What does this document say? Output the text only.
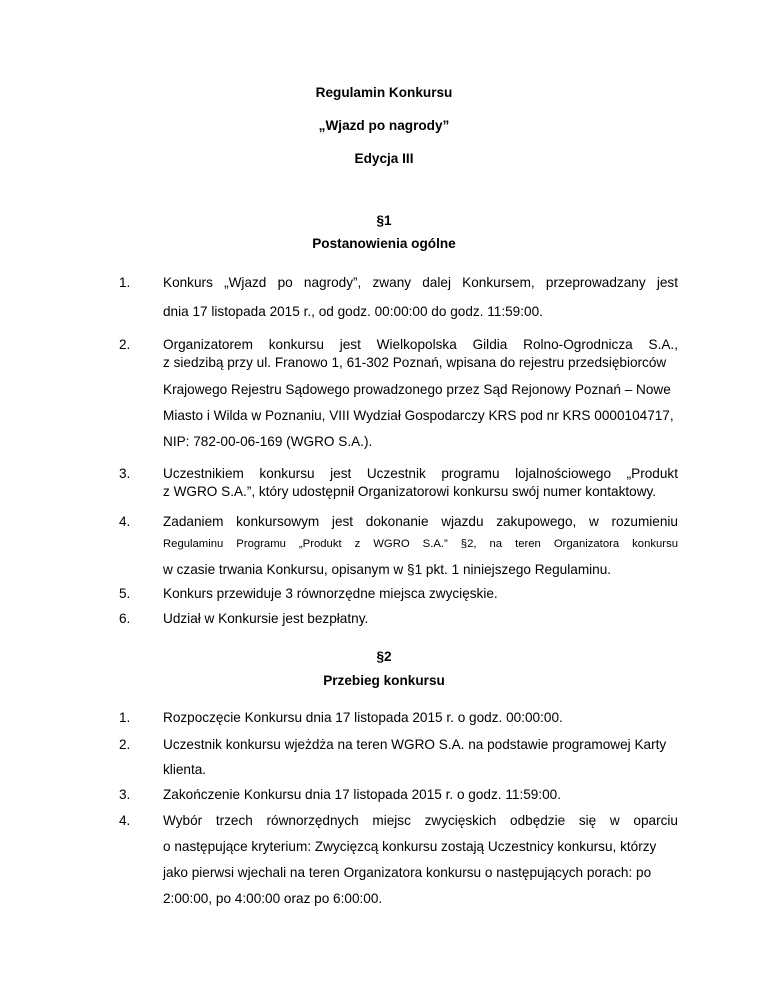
Regulamin Konkursu
„Wjazd po nagrody”
Edycja III
§1
Postanowienia ogólne
1. Konkurs „Wjazd po nagrody”, zwany dalej Konkursem, przeprowadzany jest
dnia 17 listopada 2015 r., od godz. 00:00:00 do godz. 11:59:00.
2. Organizatorem konkursu jest Wielkopolska Gildia Rolno-Ogrodnicza S.A.,
z siedzibą przy ul. Franowo 1, 61-302 Poznań, wpisana do rejestru przedsiębiorców
Krajowego Rejestru Sądowego prowadzonego przez Sąd Rejonowy Poznań – Nowe
Miasto i Wilda w Poznaniu, VIII Wydział Gospodarczy KRS pod nr KRS 0000104717,
NIP: 782-00-06-169 (WGRO S.A.).
3. Uczestnikiem konkursu jest Uczestnik programu lojalnościowego „Produkt
z WGRO S.A.”, który udostępnił Organizatorowi konkursu swój numer kontaktowy.
4. Zadaniem konkursowym jest dokonanie wjazdu zakupowego, w rozumieniu
Regulaminu Programu „Produkt z WGRO S.A.” §2, na teren Organizatora konkursu
w czasie trwania Konkursu, opisanym w §1 pkt. 1 niniejszego Regulaminu.
5. Konkurs przewiduje 3 równorzędne miejsca zwycięskie.
6. Udział w Konkursie jest bezpłatny.
§2
Przebieg konkursu
1. Rozpoczęcie Konkursu dnia 17 listopada 2015 r. o godz. 00:00:00.
2. Uczestnik konkursu wjeżdża na teren WGRO S.A. na podstawie programowej Karty
klienta.
3. Zakończenie Konkursu dnia 17 listopada 2015 r. o godz. 11:59:00.
4. Wybór trzech równorzędnych miejsc zwycięskich odbędzie się w oparciu
o następujące kryterium: Zwycięzcą konkursu zostają Uczestnicy konkursu, którzy
jako pierwsi wjechali na teren Organizatora konkursu o następujących porach: po
2:00:00, po 4:00:00 oraz po 6:00:00.
